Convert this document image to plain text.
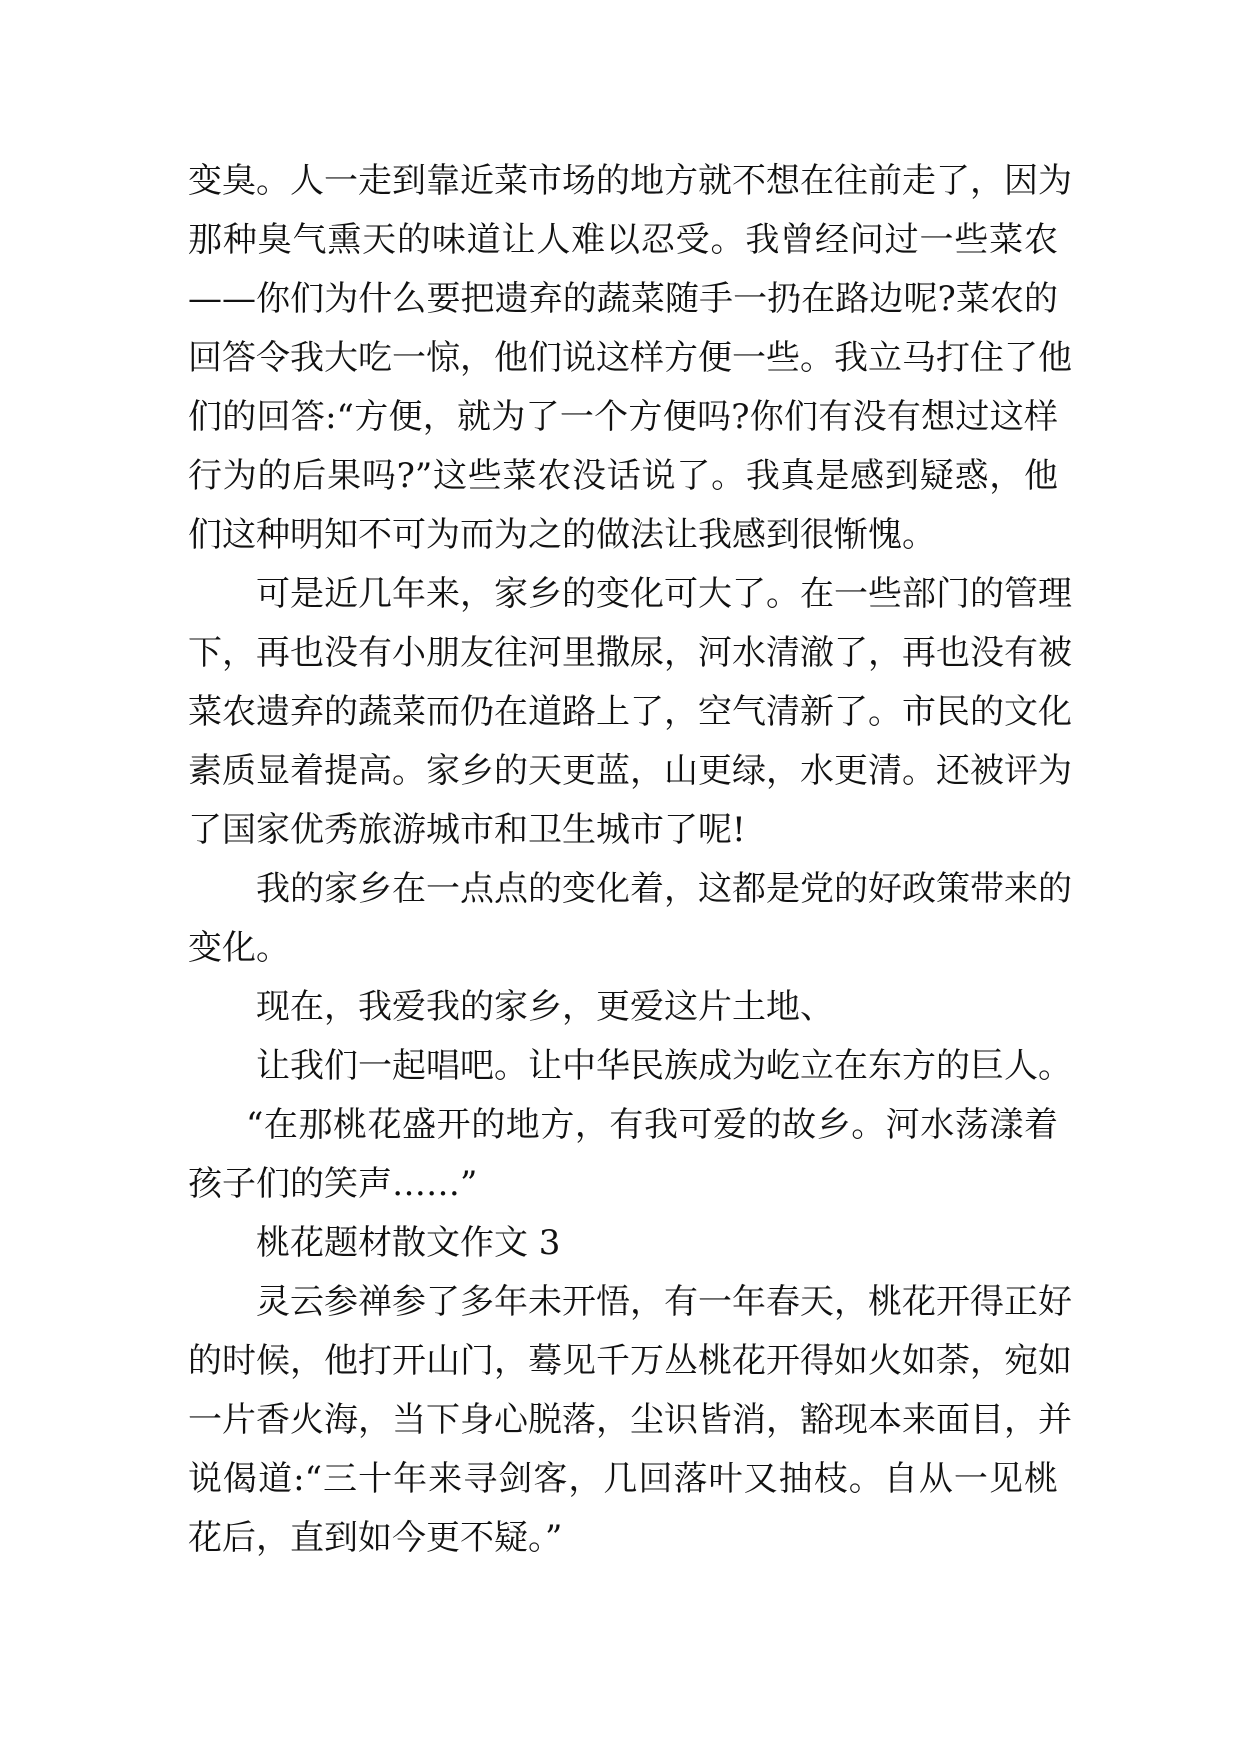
变臭。人一走到靠近菜市场的地方就不想在往前走了，因为
那种臭气熏天的味道让人难以忍受。我曾经问过一些菜农
——你们为什么要把遗弃的蔬菜随手一扔在路边呢?菜农的
回答令我大吃一惊，他们说这样方便一些。我立马打住了他
们的回答:“方便，就为了一个方便吗?你们有没有想过这样
行为的后果吗?”这些菜农没话说了。我真是感到疑惑，他
们这种明知不可为而为之的做法让我感到很惭愧。
可是近几年来，家乡的变化可大了。在一些部门的管理
下，再也没有小朋友往河里撒尿，河水清澈了，再也没有被
菜农遗弃的蔬菜而仍在道路上了，空气清新了。市民的文化
素质显着提高。家乡的天更蓝，山更绿，水更清。还被评为
了国家优秀旅游城市和卫生城市了呢!
我的家乡在一点点的变化着，这都是党的好政策带来的
变化。
现在，我爱我的家乡，更爱这片土地、
让我们一起唱吧。让中华民族成为屹立在东方的巨人。
“在那桃花盛开的地方，有我可爱的故乡。河水荡漾着
孩子们的笑声……”
桃花题材散文作文 3
灵云参禅参了多年未开悟，有一年春天，桃花开得正好
的时候，他打开山门，蓦见千万丛桃花开得如火如荼，宛如
一片香火海，当下身心脱落，尘识皆消，豁现本来面目，并
说偈道:“三十年来寻剑客，几回落叶又抽枝。自从一见桃
花后，直到如今更不疑。”
